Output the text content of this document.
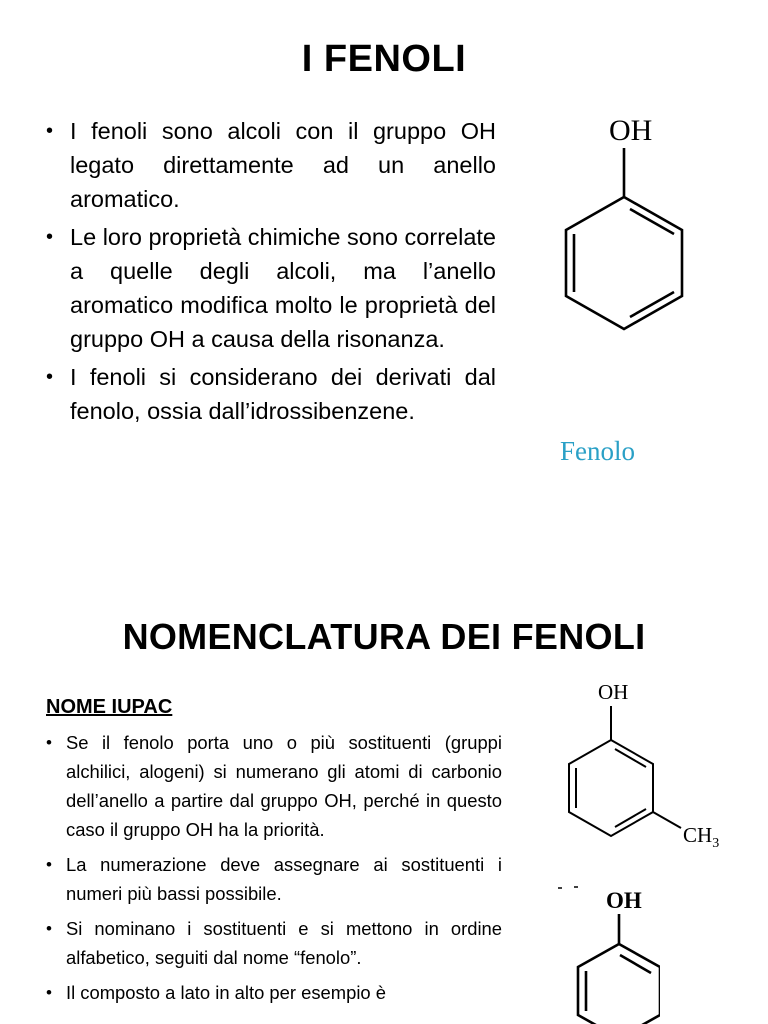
I FENOLI
• I fenoli sono alcoli con il gruppo OH legato direttamente ad un anello aromatico.
• Le loro proprietà chimiche sono correlate a quelle degli alcoli, ma l’anello aromatico modifica molto le proprietà del gruppo OH a causa della risonanza.
• I fenoli si considerano dei derivati dal fenolo, ossia dall’idrossibenzene.
OH
Fenolo
NOMENCLATURA DEI FENOLI
NOME IUPAC
• Se il fenolo porta uno o più sostituenti (gruppi alchilici, alogeni) si numerano gli atomi di carbonio dell’anello a partire dal gruppo OH, perché in questo caso il gruppo OH ha la priorità.
• La numerazione deve assegnare ai sostituenti i numeri più bassi possibile.
• Si nominano i sostituenti e si mettono in ordine alfabetico, seguiti dal nome “fenolo”.
• Il composto a lato in alto per esempio è
OH
$CH_3$
OH
